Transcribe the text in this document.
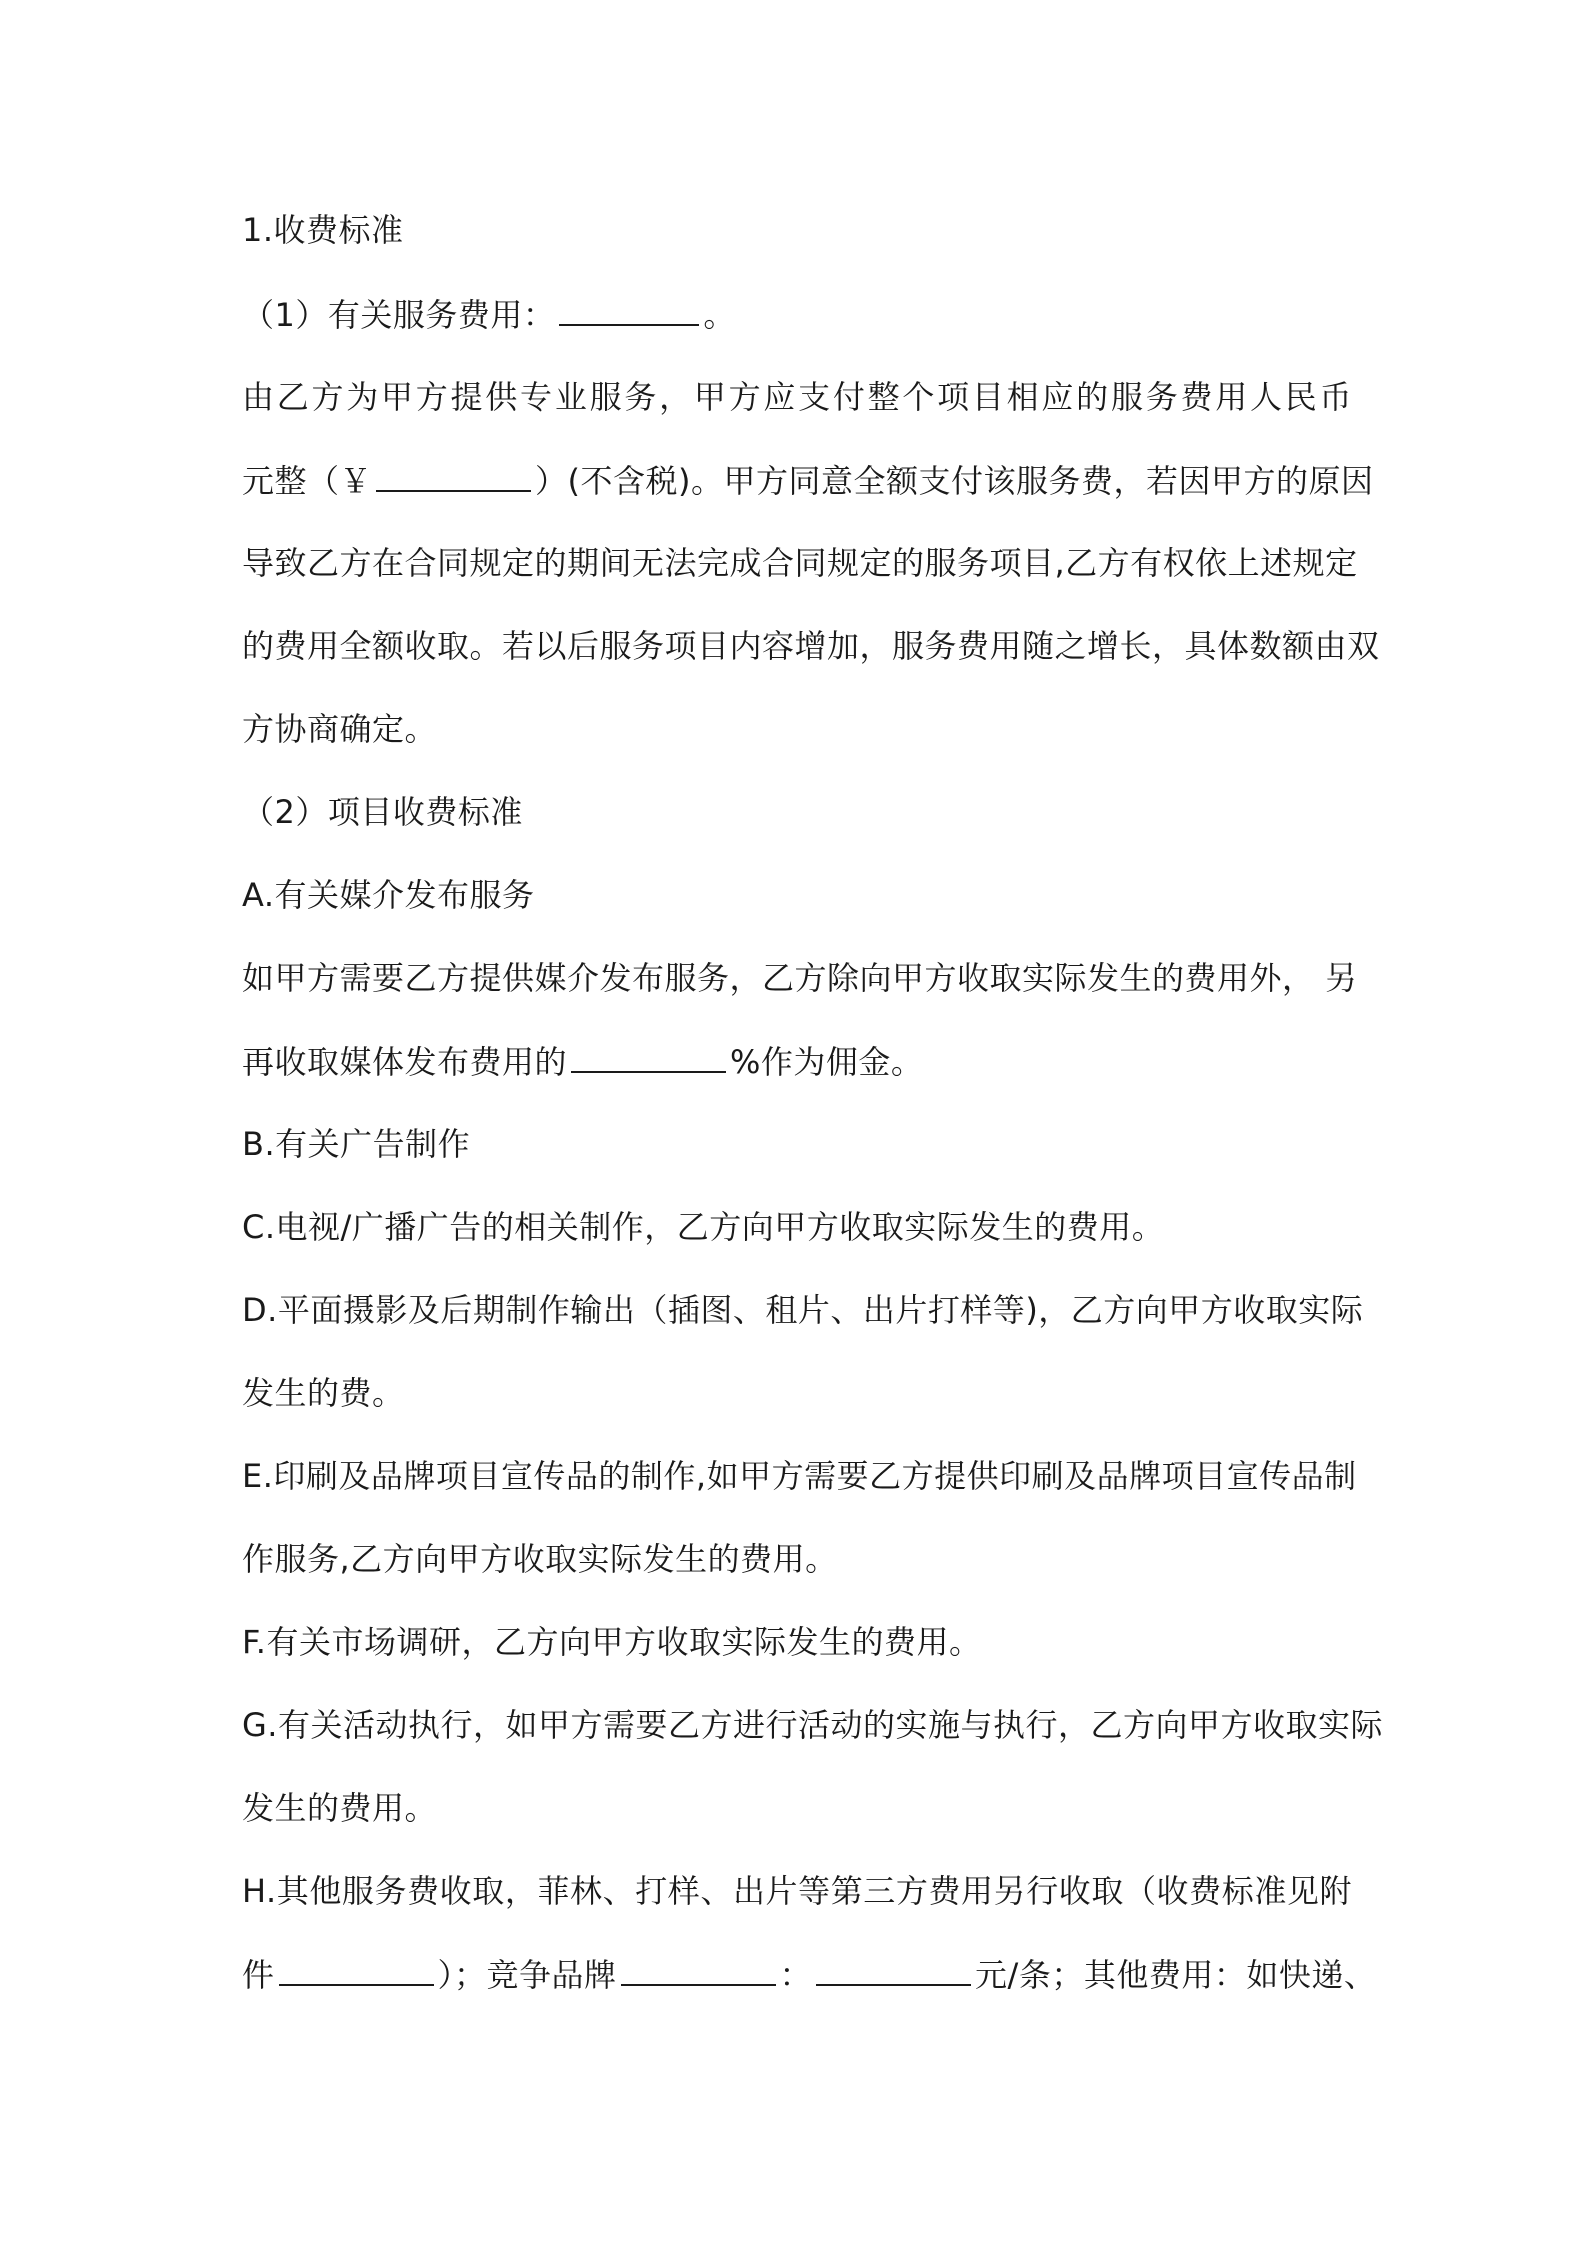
1.收费标准
（1）有关服务费用：	。
由乙方为甲方提供专业服务，甲方应支付整个项目相应的服务费用人民币
元整（￥	）(不含税)。甲方同意全额支付该服务费，若因甲方的原因
导致乙方在合同规定的期间无法完成合同规定的服务项目,乙方有权依上述规定
的费用全额收取。若以后服务项目内容增加，服务费用随之增长，具体数额由双
方协商确定。
（2）项目收费标准
A.有关媒介发布服务
如甲方需要乙方提供媒介发布服务，乙方除向甲方收取实际发生的费用外， 另
再收取媒体发布费用的	%作为佣金。
B.有关广告制作
C.电视/广播广告的相关制作，乙方向甲方收取实际发生的费用。
D.平面摄影及后期制作输出（插图、租片、出片打样等)，乙方向甲方收取实际
发生的费。
E.印刷及品牌项目宣传品的制作,如甲方需要乙方提供印刷及品牌项目宣传品制
作服务,乙方向甲方收取实际发生的费用。
F.有关市场调研，乙方向甲方收取实际发生的费用。
G.有关活动执行，如甲方需要乙方进行活动的实施与执行，乙方向甲方收取实际
发生的费用。
H.其他服务费收取，菲林、打样、出片等第三方费用另行收取（收费标准见附
件	）；竞争品牌	：	元/条；其他费用：如快递、
